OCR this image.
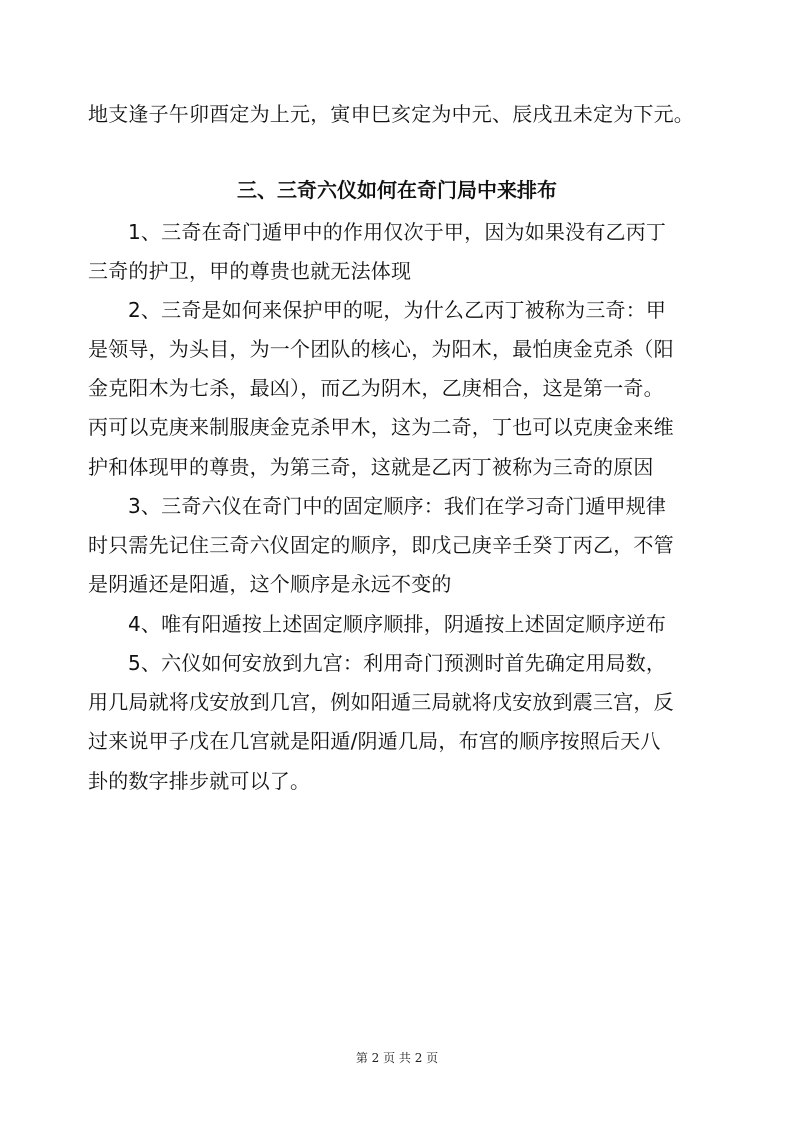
地支逢子午卯酉定为上元，寅申巳亥定为中元、辰戌丑未定为下元。
三、三奇六仪如何在奇门局中来排布
1、三奇在奇门遁甲中的作用仅次于甲，因为如果没有乙丙丁
三奇的护卫，甲的尊贵也就无法体现
2、三奇是如何来保护甲的呢，为什么乙丙丁被称为三奇：甲
是领导，为头目，为一个团队的核心，为阳木，最怕庚金克杀（阳
金克阳木为七杀，最凶），而乙为阴木，乙庚相合，这是第一奇。
丙可以克庚来制服庚金克杀甲木，这为二奇，丁也可以克庚金来维
护和体现甲的尊贵，为第三奇，这就是乙丙丁被称为三奇的原因
3、三奇六仪在奇门中的固定顺序：我们在学习奇门遁甲规律
时只需先记住三奇六仪固定的顺序，即戊己庚辛壬癸丁丙乙，不管
是阴遁还是阳遁，这个顺序是永远不变的
4、唯有阳遁按上述固定顺序顺排，阴遁按上述固定顺序逆布
5、六仪如何安放到九宫：利用奇门预测时首先确定用局数，
用几局就将戊安放到几宫，例如阳遁三局就将戊安放到震三宫，反
过来说甲子戊在几宫就是阳遁/阴遁几局，布宫的顺序按照后天八
卦的数字排步就可以了。
第 2 页 共 2 页
